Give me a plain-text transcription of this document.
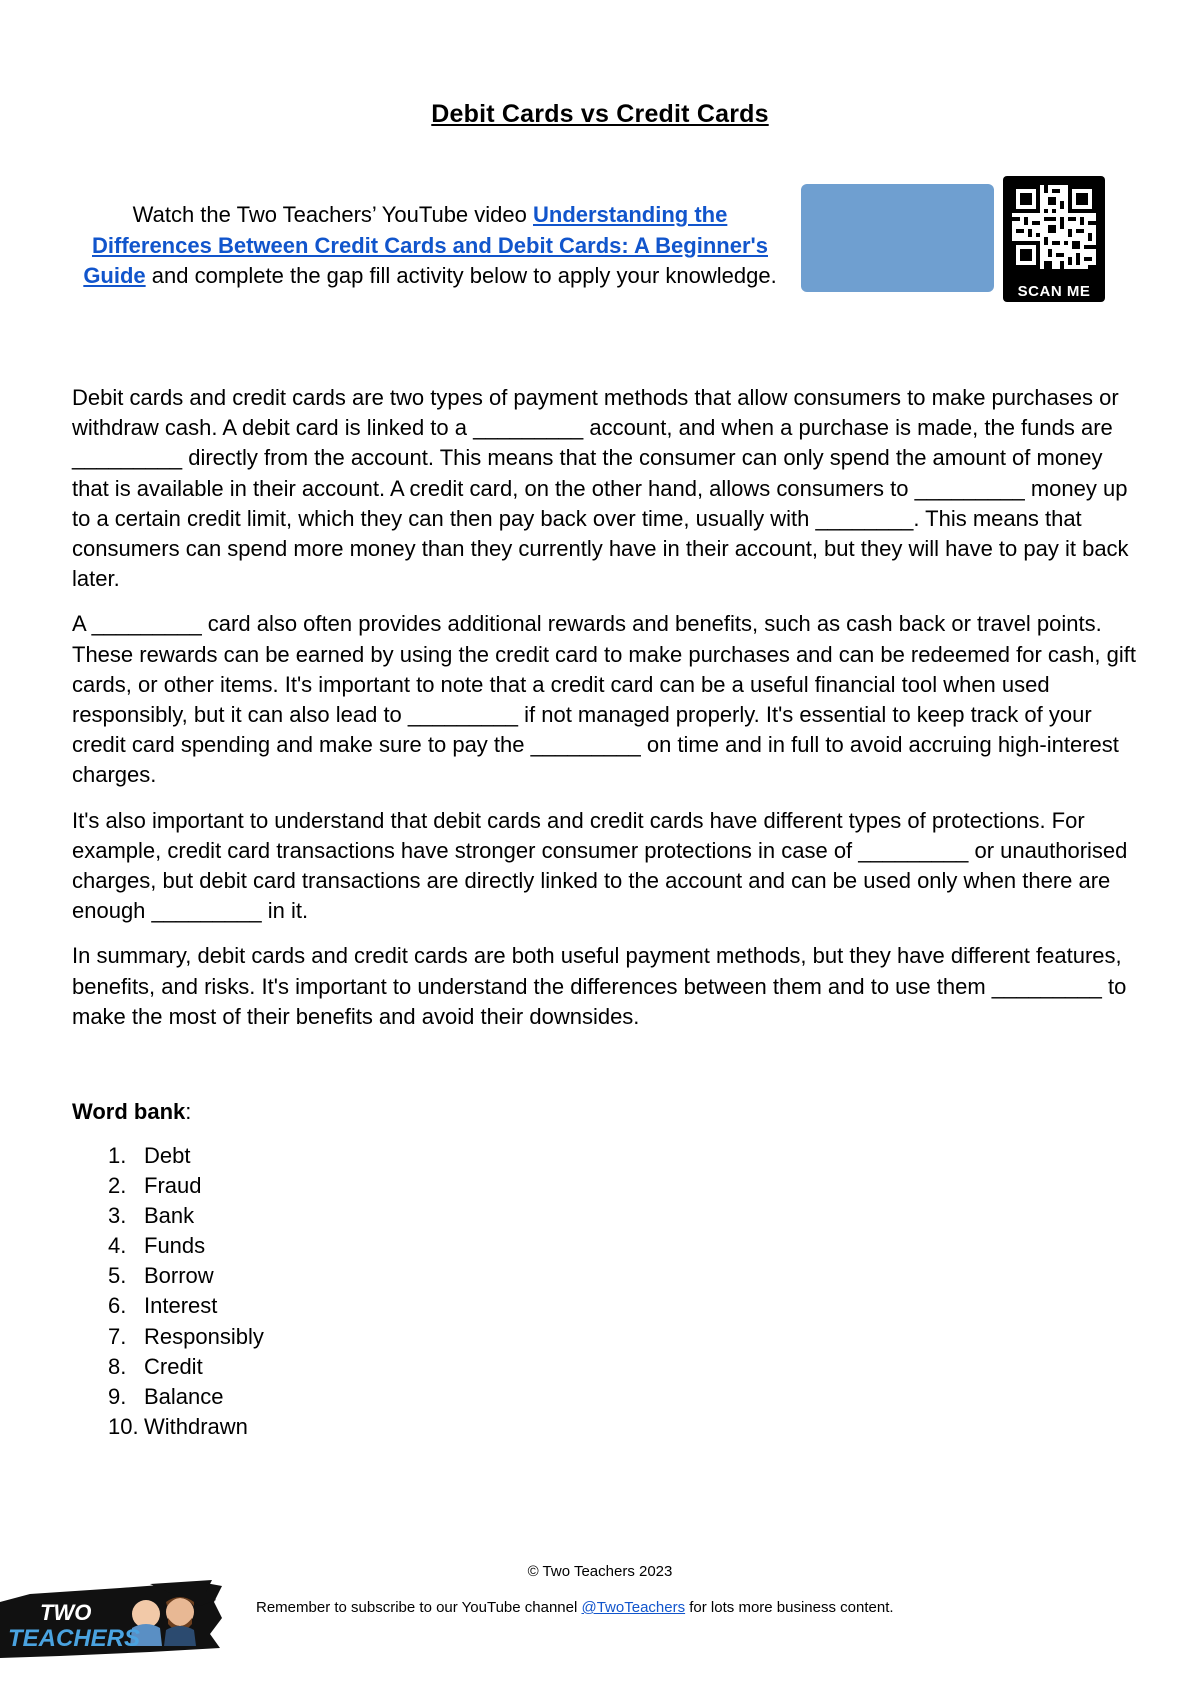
Debit Cards vs Credit Cards
Watch the Two Teachers’ YouTube video Understanding the Differences Between Credit Cards and Debit Cards: A Beginner's Guide and complete the gap fill activity below to apply your knowledge.
SCAN ME

Debit cards and credit cards are two types of payment methods that allow consumers to make purchases or withdraw cash. A debit card is linked to a _________ account, and when a purchase is made, the funds are _________ directly from the account. This means that the consumer can only spend the amount of money that is available in their account. A credit card, on the other hand, allows consumers to _________ money up to a certain credit limit, which they can then pay back over time, usually with ________. This means that consumers can spend more money than they currently have in their account, but they will have to pay it back later.

A _________ card also often provides additional rewards and benefits, such as cash back or travel points. These rewards can be earned by using the credit card to make purchases and can be redeemed for cash, gift cards, or other items. It's important to note that a credit card can be a useful financial tool when used responsibly, but it can also lead to _________ if not managed properly. It's essential to keep track of your credit card spending and make sure to pay the _________ on time and in full to avoid accruing high-interest charges.

It's also important to understand that debit cards and credit cards have different types of protections. For example, credit card transactions have stronger consumer protections in case of _________ or unauthorised charges, but debit card transactions are directly linked to the account and can be used only when there are enough _________ in it.

In summary, debit cards and credit cards are both useful payment methods, but they have different features, benefits, and risks. It's important to understand the differences between them and to use them _________ to make the most of their benefits and avoid their downsides.

Word bank:
1. Debt
2. Fraud
3. Bank
4. Funds
5. Borrow
6. Interest
7. Responsibly
8. Credit
9. Balance
10. Withdrawn
TWO
TEACHERS
© Two Teachers 2023
Remember to subscribe to our YouTube channel @TwoTeachers for lots more business content.
